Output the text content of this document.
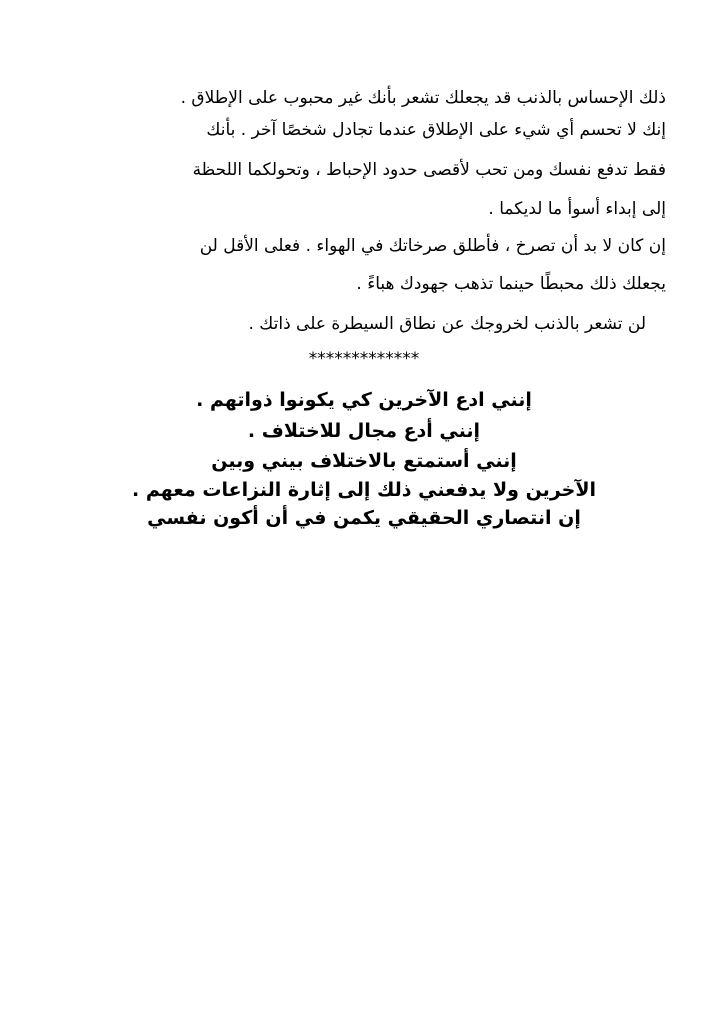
ذلك الإحساس بالذنب قد يجعلك تشعر بأنك غير محبوب على الإطلاق .
إنك لا تحسم أي شيء على الإطلاق عندما تجادل شخصًا آخر . بأنك
فقط تدفع نفسك ومن تحب لأقصى حدود الإحباط ، وتحولكما اللحظة
إلى إبداء أسوأ ما لديكما .
إن كان لا بد أن تصرخ ، فأطلق صرخاتك في الهواء . فعلى الأقل لن
يجعلك ذلك محبطًا حينما تذهب جهودك هباءً .
لن تشعر بالذنب لخروجك عن نطاق السيطرة على ذاتك .
*************
إنني ادع الآخرين كي يكونوا ذواتهم .
إنني أدع مجال للاختلاف .
إنني أستمتع بالاختلاف بيني وبين
الآخرين ولا يدفعني ذلك إلى إثارة النزاعات معهم .
إن انتصاري الحقيقي يكمن في أن أكون نفسي
